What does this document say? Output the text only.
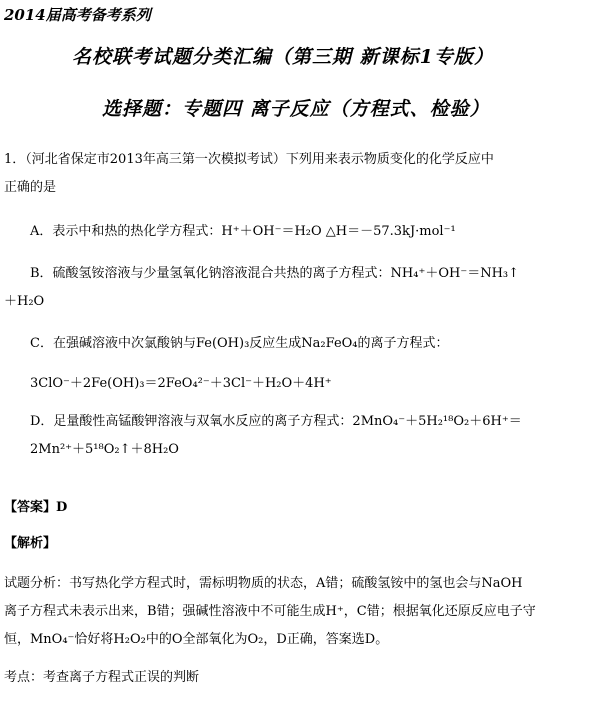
2014届高考备考系列
名校联考试题分类汇编（第三期 新课标1专版）
选择题：专题四 离子反应（方程式、检验）
1．（河北省保定市2013年高三第一次模拟考试）下列用来表示物质变化的化学反应中
正确的是
A．表示中和热的热化学方程式：H⁺＋OH⁻＝H₂O △H＝－57.3kJ·mol⁻¹
B．硫酸氢铵溶液与少量氢氧化钠溶液混合共热的离子方程式：NH₄⁺＋OH⁻＝NH₃↑
＋H₂O
C．在强碱溶液中次氯酸钠与Fe(OH)₃反应生成Na₂FeO₄的离子方程式：
3ClO⁻＋2Fe(OH)₃＝2FeO₄²⁻＋3Cl⁻＋H₂O＋4H⁺
D．足量酸性高锰酸钾溶液与双氧水反应的离子方程式：2MnO₄⁻＋5H₂¹⁸O₂＋6H⁺＝
2Mn²⁺＋5¹⁸O₂↑＋8H₂O
【答案】D
【解析】
试题分析：书写热化学方程式时，需标明物质的状态，A错；硫酸氢铵中的氢也会与NaOH
离子方程式未表示出来，B错；强碱性溶液中不可能生成H⁺，C错；根据氧化还原反应电子守
恒，MnO₄⁻恰好将H₂O₂中的O全部氧化为O₂，D正确，答案选D。
考点：考查离子方程式正误的判断
